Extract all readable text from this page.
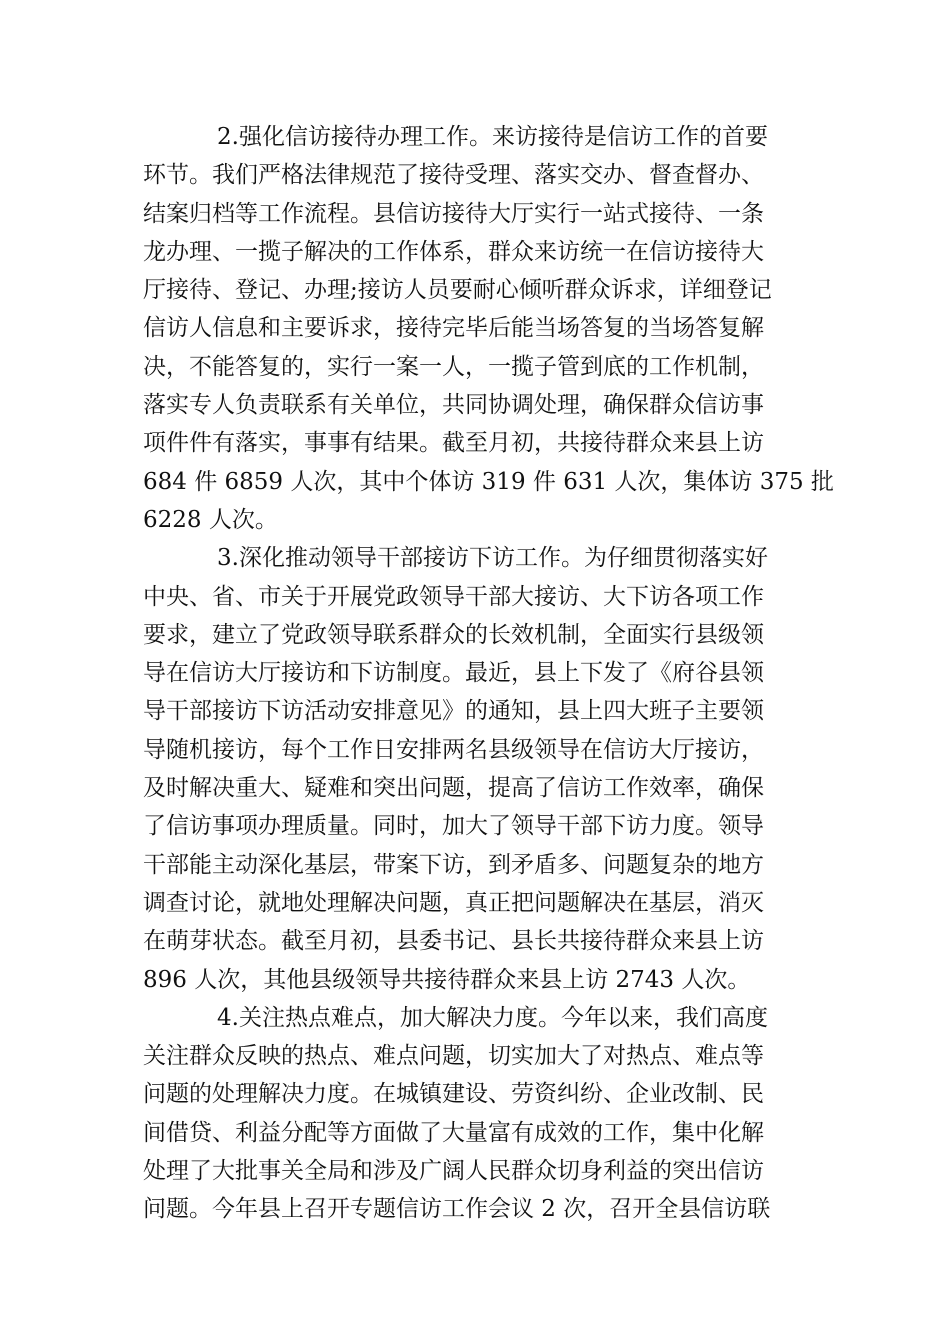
2.强化信访接待办理工作。来访接待是信访工作的首要
环节。我们严格法律规范了接待受理、落实交办、督查督办、
结案归档等工作流程。县信访接待大厅实行一站式接待、一条
龙办理、一揽子解决的工作体系，群众来访统一在信访接待大
厅接待、登记、办理;接访人员要耐心倾听群众诉求，详细登记
信访人信息和主要诉求，接待完毕后能当场答复的当场答复解
决，不能答复的，实行一案一人，一揽子管到底的工作机制，
落实专人负责联系有关单位，共同协调处理，确保群众信访事
项件件有落实，事事有结果。截至月初，共接待群众来县上访
684 件 6859 人次，其中个体访 319 件 631 人次，集体访 375 批
6228 人次。
3.深化推动领导干部接访下访工作。为仔细贯彻落实好
中央、省、市关于开展党政领导干部大接访、大下访各项工作
要求，建立了党政领导联系群众的长效机制，全面实行县级领
导在信访大厅接访和下访制度。最近，县上下发了《府谷县领
导干部接访下访活动安排意见》的通知，县上四大班子主要领
导随机接访，每个工作日安排两名县级领导在信访大厅接访，
及时解决重大、疑难和突出问题，提高了信访工作效率，确保
了信访事项办理质量。同时，加大了领导干部下访力度。领导
干部能主动深化基层，带案下访，到矛盾多、问题复杂的地方
调查讨论，就地处理解决问题，真正把问题解决在基层，消灭
在萌芽状态。截至月初，县委书记、县长共接待群众来县上访
896 人次，其他县级领导共接待群众来县上访 2743 人次。
4.关注热点难点，加大解决力度。今年以来，我们高度
关注群众反映的热点、难点问题，切实加大了对热点、难点等
问题的处理解决力度。在城镇建设、劳资纠纷、企业改制、民
间借贷、利益分配等方面做了大量富有成效的工作，集中化解
处理了大批事关全局和涉及广阔人民群众切身利益的突出信访
问题。今年县上召开专题信访工作会议 2 次，召开全县信访联
